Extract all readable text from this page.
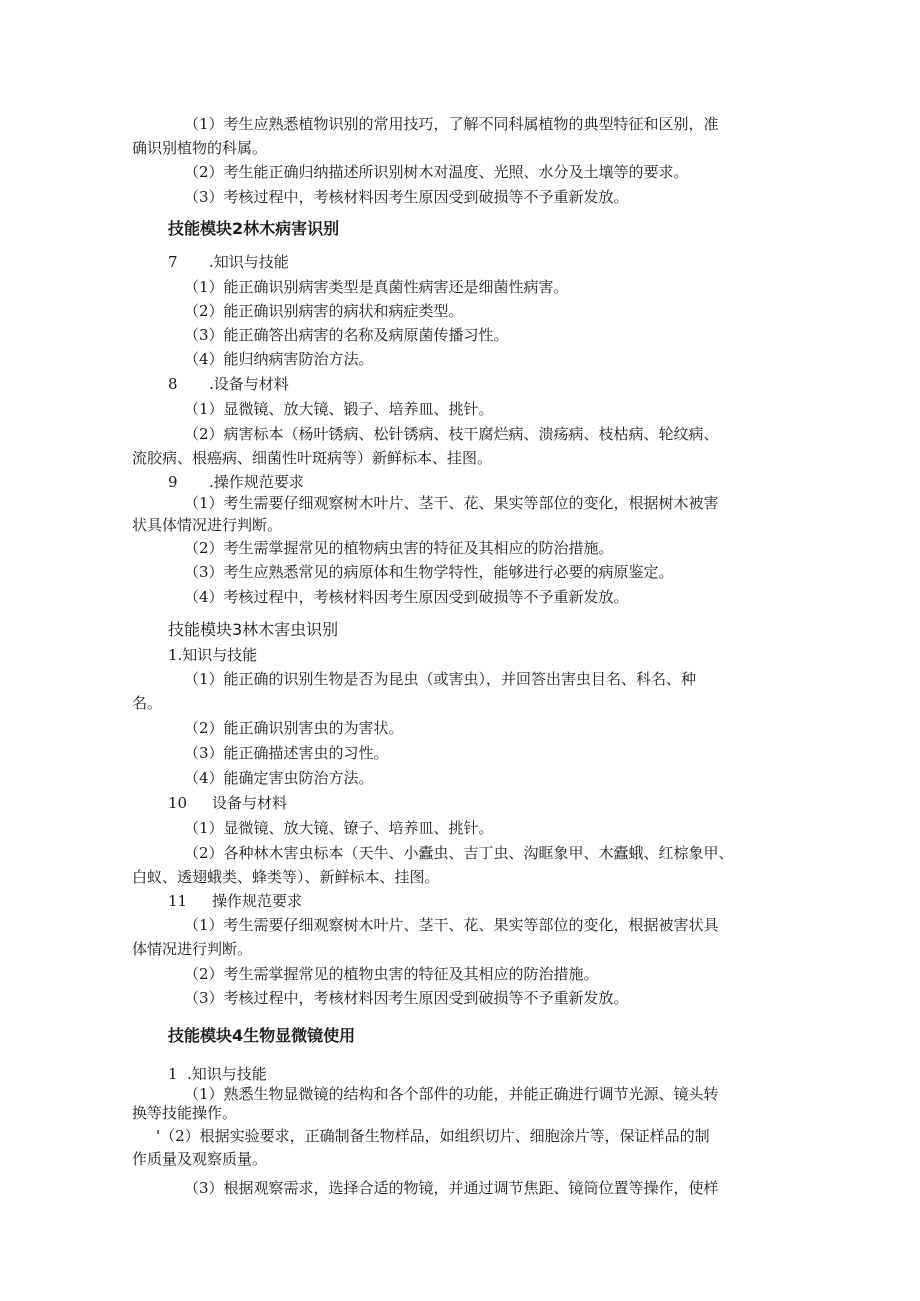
（1）考生应熟悉植物识别的常用技巧，了解不同科属植物的典型特征和区别，准
确识别植物的科属。
（2）考生能正确归纳描述所识别树木对温度、光照、水分及土壤等的要求。
（3）考核过程中，考核材料因考生原因受到破损等不予重新发放。
技能模块2林木病害识别
7 .知识与技能
（1）能正确识别病害类型是真菌性病害还是细菌性病害。
（2）能正确识别病害的病状和病症类型。
（3）能正确答出病害的名称及病原菌传播习性。
（4）能归纳病害防治方法。
8 .设备与材料
（1）显微镜、放大镜、锻子、培养皿、挑针。
（2）病害标本（杨叶锈病、松针锈病、枝干腐烂病、溃疡病、枝枯病、轮纹病、
流胶病、根癌病、细菌性叶斑病等）新鲜标本、挂图。
9 .操作规范要求
（1）考生需要仔细观察树木叶片、茎干、花、果实等部位的变化，根据树木被害
状具体情况进行判断。
（2）考生需掌握常见的植物病虫害的特征及其相应的防治措施。
（3）考生应熟悉常见的病原体和生物学特性，能够进行必要的病原鉴定。
（4）考核过程中，考核材料因考生原因受到破损等不予重新发放。
技能模块3林木害虫识别
1.知识与技能
（1）能正确的识别生物是否为昆虫（或害虫），并回答出害虫目名、科名、种
名。
（2）能正确识别害虫的为害状。
（3）能正确描述害虫的习性。
（4）能确定害虫防治方法。
10 设备与材料
（1）显微镜、放大镜、镣子、培养皿、挑针。
（2）各种林木害虫标本（天牛、小蠹虫、吉丁虫、沟眶象甲、木蠹蛾、红棕象甲、
白蚁、透翅蛾类、蜂类等）、新鲜标本、挂图。
11 操作规范要求
（1）考生需要仔细观察树木叶片、茎干、花、果实等部位的变化，根据被害状具
体情况进行判断。
（2）考生需掌握常见的植物虫害的特征及其相应的防治措施。
（3）考核过程中，考核材料因考生原因受到破损等不予重新发放。
技能模块4生物显微镜使用
1 .知识与技能
（1）熟悉生物显微镜的结构和各个部件的功能，并能正确进行调节光源、镜头转
换等技能操作。
'（2）根据实验要求，正确制备生物样品，如组织切片、细胞涂片等，保证样品的制
作质量及观察质量。
（3）根据观察需求，选择合适的物镜，并通过调节焦距、镜筒位置等操作，使样
